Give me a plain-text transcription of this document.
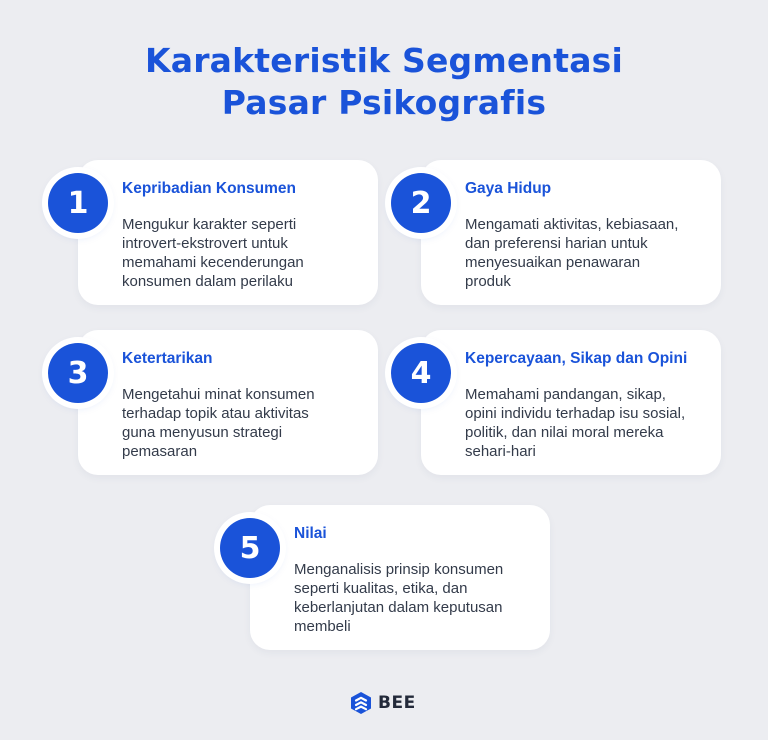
Karakteristik Segmentasi
Pasar Psikografis
Kepribadian Konsumen
Mengukur karakter seperti
introvert-ekstrovert untuk
memahami kecenderungan
konsumen dalam perilaku
1	Gaya Hidup
Mengamati aktivitas, kebiasaan,
dan preferensi harian untuk
menyesuaikan penawaran
produk
2
Ketertarikan
Mengetahui minat konsumen
terhadap topik atau aktivitas
guna menyusun strategi
pemasaran
3	Kepercayaan, Sikap dan Opini
Memahami pandangan, sikap,
opini individu terhadap isu sosial,
politik, dan nilai moral mereka
sehari-hari
4
Nilai
Menganalisis prinsip konsumen
seperti kualitas, etika, dan
keberlanjutan dalam keputusan
membeli
5
BEE
